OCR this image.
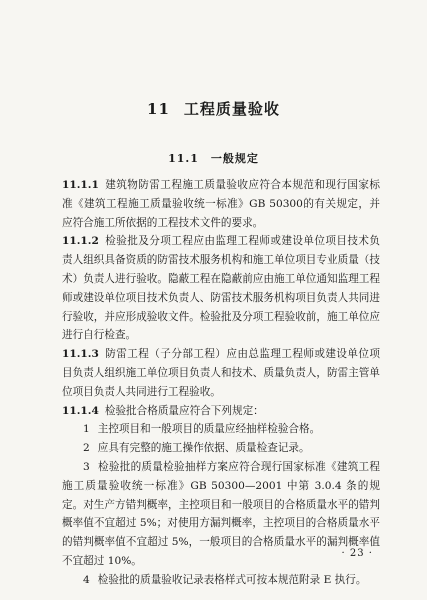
11 工程质量验收
11.1 一般规定

11.1.1 建筑物防雷工程施工质量验收应符合本规范和现行国家标准《建筑工程施工质量验收统一标准》GB 50300的有关规定，并应符合施工所依据的工程技术文件的要求。

11.1.2 检验批及分项工程应由监理工程师或建设单位项目技术负责人组织具备资质的防雷技术服务机构和施工单位项目专业质量（技术）负责人进行验收。隐蔽工程在隐蔽前应由施工单位通知监理工程师或建设单位项目技术负责人、防雷技术服务机构项目负责人共同进行验收，并应形成验收文件。检验批及分项工程验收前，施工单位应进行自行检查。

11.1.3 防雷工程（子分部工程）应由总监理工程师或建设单位项目负责人组织施工单位项目负责人和技术、质量负责人，防雷主管单位项目负责人共同进行工程验收。

11.1.4 检验批合格质量应符合下列规定：

1 主控项目和一般项目的质量应经抽样检验合格。

2 应具有完整的施工操作依据、质量检查记录。

3 检验批的质量检验抽样方案应符合现行国家标准《建筑工程施工质量验收统一标准》GB 50300—2001 中第 3.0.4 条的规定。对生产方错判概率，主控项目和一般项目的合格质量水平的错判概率值不宜超过 5%；对使用方漏判概率，主控项目的合格质量水平的错判概率值不宜超过 5%，一般项目的合格质量水平的漏判概率值不宜超过 10%。

4 检验批的质量验收记录表格样式可按本规范附录 E 执行。

· 23 ·
